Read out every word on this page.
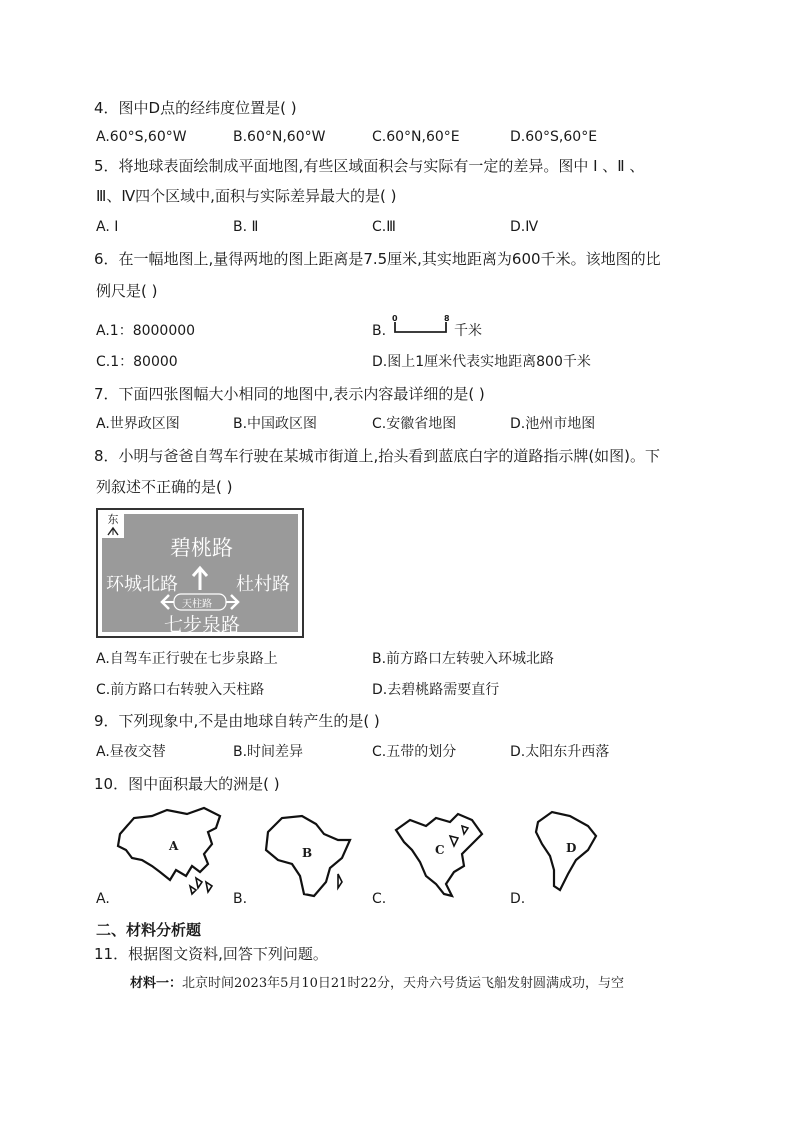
4．图中D点的经纬度位置是( )
A.60°S,60°W	B.60°N,60°W	C.60°N,60°E	D.60°S,60°E
5．将地球表面绘制成平面地图,有些区域面积会与实际有一定的差异。图中 Ⅰ 、Ⅱ 、
Ⅲ、Ⅳ四个区域中,面积与实际差异最大的是( )
A. Ⅰ	B. Ⅱ	C.Ⅲ	D.Ⅳ
6．在一幅地图上,量得两地的图上距离是7.5厘米,其实地距离为600千米。该地图的比
例尺是( )
A.1：8000000	B.
0	8
千米
C.1：80000	D.图上1厘米代表实地距离800千米
7．下面四张图幅大小相同的地图中,表示内容最详细的是( )
A.世界政区图	B.中国政区图	C.安徽省地图	D.池州市地图
8．小明与爸爸自驾车行驶在某城市街道上,抬头看到蓝底白字的道路指示牌(如图)。下
列叙述不正确的是( )
东
碧桃路
环城北路	杜村路
天柱路
七步泉路
A.自驾车正行驶在七步泉路上	B.前方路口左转驶入环城北路
C.前方路口右转驶入天柱路	D.去碧桃路需要直行
9．下列现象中,不是由地球自转产生的是( )
A.昼夜交替	B.时间差异	C.五带的划分	D.太阳东升西落
10．图中面积最大的洲是( )
A	B	C	D
A.	B.	C.	D.
二、材料分析题
11．根据图文资料,回答下列问题。
材料一：北京时间2023年5月10日21时22分，天舟六号货运飞船发射圆满成功，与空
